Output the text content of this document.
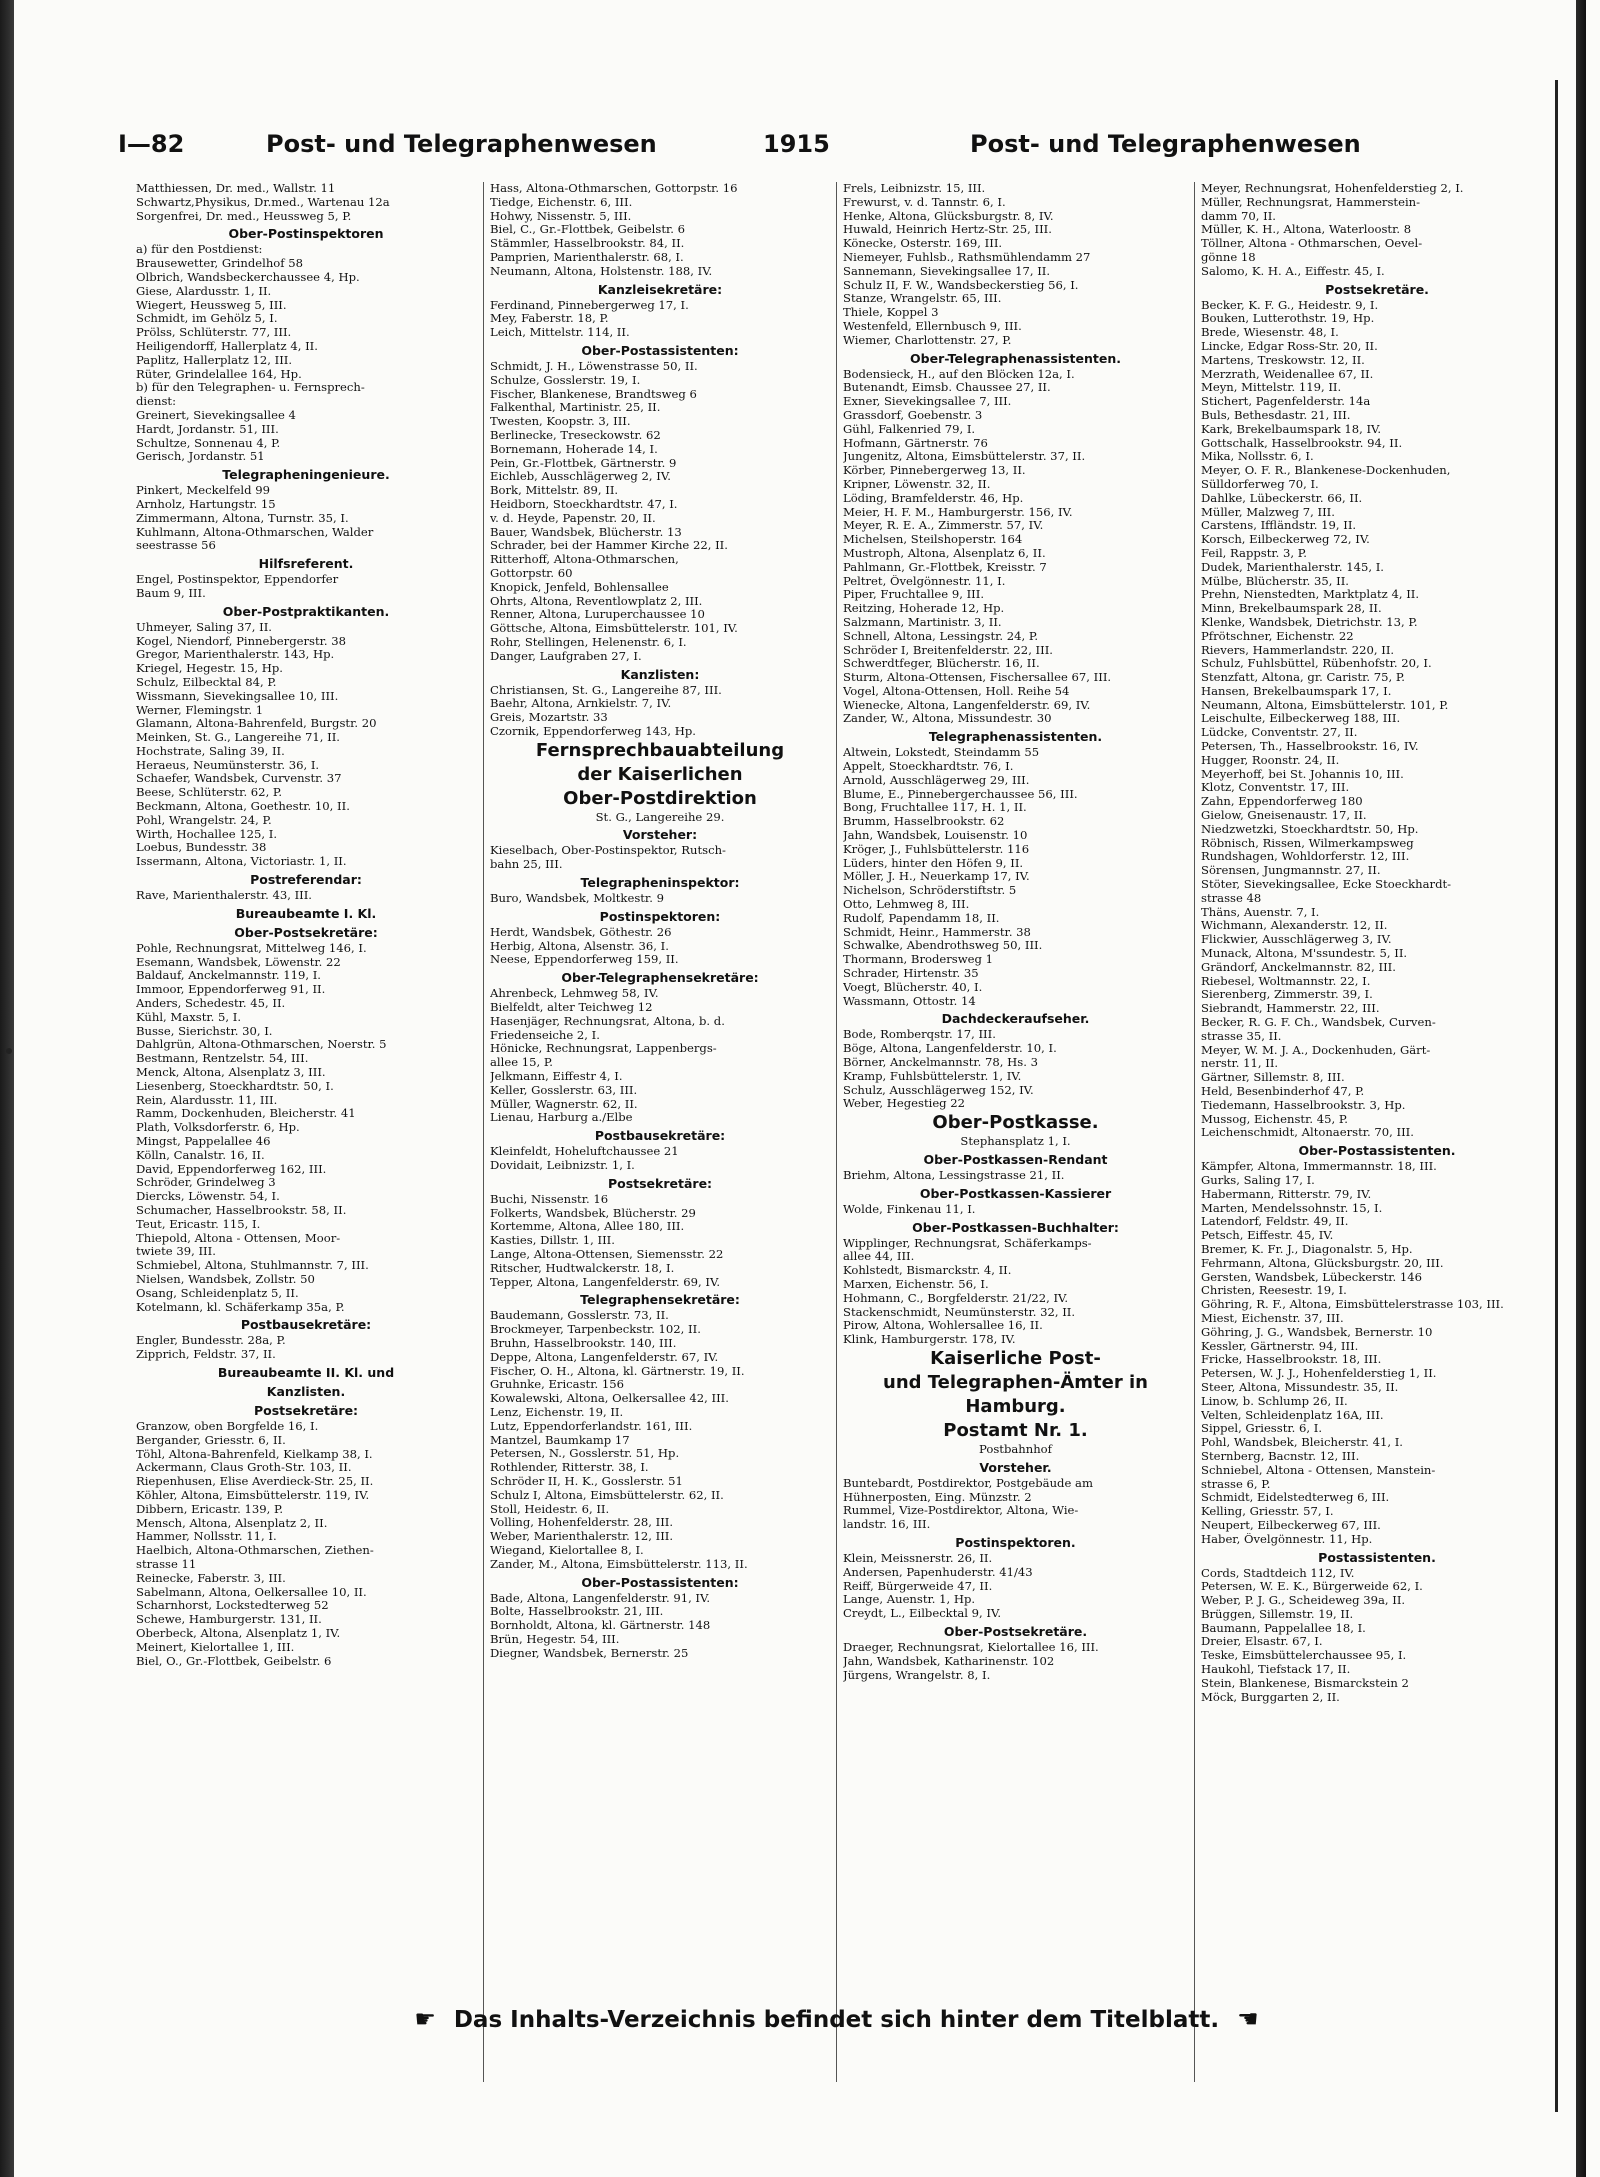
I—82	Post- und Telegraphenwesen	1915	Post- und Telegraphenwesen
Matthiessen, Dr. med., Wallstr. 11
Schwartz,Physikus, Dr.med., Wartenau 12a
Sorgenfrei, Dr. med., Heussweg 5, P.
Ober-Postinspektoren
a) für den Postdienst:
Brausewetter, Grindelhof 58
Olbrich, Wandsbeckerchaussee 4, Hp.
Giese, Alardusstr. 1, II.
Wiegert, Heussweg 5, III.
Schmidt, im Gehölz 5, I.
Prölss, Schlüterstr. 77, III.
Heiligendorff, Hallerplatz 4, II.
Paplitz, Hallerplatz 12, III.
Rüter, Grindelallee 164, Hp.
b) für den Telegraphen- u. Fernsprech-
dienst:
Greinert, Sievekingsallee 4
Hardt, Jordanstr. 51, III.
Schultze, Sonnenau 4, P.
Gerisch, Jordanstr. 51
Telegrapheningenieure.
Pinkert, Meckelfeld 99
Arnholz, Hartungstr. 15
Zimmermann, Altona, Turnstr. 35, I.
Kuhlmann, Altona-Othmarschen, Walder
seestrasse 56
Hilfsreferent.
Engel, Postinspektor, Eppendorfer
Baum 9, III.
Ober-Postpraktikanten.
Uhmeyer, Saling 37, II.
Kogel, Niendorf, Pinnebergerstr. 38
Gregor, Marienthalerstr. 143, Hp.
Kriegel, Hegestr. 15, Hp.
Schulz, Eilbecktal 84, P.
Wissmann, Sievekingsallee 10, III.
Werner, Flemingstr. 1
Glamann, Altona-Bahrenfeld, Burgstr. 20
Meinken, St. G., Langereihe 71, II.
Hochstrate, Saling 39, II.
Heraeus, Neumünsterstr. 36, I.
Schaefer, Wandsbek, Curvenstr. 37
Beese, Schlüterstr. 62, P.
Beckmann, Altona, Goethestr. 10, II.
Pohl, Wrangelstr. 24, P.
Wirth, Hochallee 125, I.
Loebus, Bundesstr. 38
Issermann, Altona, Victoriastr. 1, II.
Postreferendar:
Rave, Marienthalerstr. 43, III.
Bureaubeamte I. Kl.
Ober-Postsekretäre:
Pohle, Rechnungsrat, Mittelweg 146, I.
Esemann, Wandsbek, Löwenstr. 22
Baldauf, Anckelmannstr. 119, I.
Immoor, Eppendorferweg 91, II.
Anders, Schedestr. 45, II.
Kühl, Maxstr. 5, I.
Busse, Sierichstr. 30, I.
Dahlgrün, Altona-Othmarschen, Noerstr. 5
Bestmann, Rentzelstr. 54, III.
Menck, Altona, Alsenplatz 3, III.
Liesenberg, Stoeckhardtstr. 50, I.
Rein, Alardusstr. 11, III.
Ramm, Dockenhuden, Bleicherstr. 41
Plath, Volksdorferstr. 6, Hp.
Mingst, Pappelallee 46
Kölln, Canalstr. 16, II.
David, Eppendorferweg 162, III.
Schröder, Grindelweg 3
Diercks, Löwenstr. 54, I.
Schumacher, Hasselbrookstr. 58, II.
Teut, Ericastr. 115, I.
Thiepold, Altona - Ottensen, Moor-
twiete 39, III.
Schmiebel, Altona, Stuhlmannstr. 7, III.
Nielsen, Wandsbek, Zollstr. 50
Osang, Schleidenplatz 5, II.
Kotelmann, kl. Schäferkamp 35a, P.
Postbausekretäre:
Engler, Bundesstr. 28a, P.
Zipprich, Feldstr. 37, II.
Bureaubeamte II. Kl. und
Kanzlisten.
Postsekretäre:
Granzow, oben Borgfelde 16, I.
Bergander, Griesstr. 6, II.
Töhl, Altona-Bahrenfeld, Kielkamp 38, I.
Ackermann, Claus Groth-Str. 103, II.
Riepenhusen, Elise Averdieck-Str. 25, II.
Köhler, Altona, Eimsbüttelerstr. 119, IV.
Dibbern, Ericastr. 139, P.
Mensch, Altona, Alsenplatz 2, II.
Hammer, Nollsstr. 11, I.
Haelbich, Altona-Othmarschen, Ziethen-
strasse 11
Reinecke, Faberstr. 3, III.
Sabelmann, Altona, Oelkersallee 10, II.
Scharnhorst, Lockstedterweg 52
Schewe, Hamburgerstr. 131, II.
Oberbeck, Altona, Alsenplatz 1, IV.
Meinert, Kielortallee 1, III.
Biel, O., Gr.-Flottbek, Geibelstr. 6
Hass, Altona-Othmarschen, Gottorpstr. 16
Tiedge, Eichenstr. 6, III.
Hohwy, Nissenstr. 5, III.
Biel, C., Gr.-Flottbek, Geibelstr. 6
Stämmler, Hasselbrookstr. 84, II.
Pamprien, Marienthalerstr. 68, I.
Neumann, Altona, Holstenstr. 188, IV.
Kanzleisekretäre:
Ferdinand, Pinnebergerweg 17, I.
Mey, Faberstr. 18, P.
Leich, Mittelstr. 114, II.
Ober-Postassistenten:
Schmidt, J. H., Löwenstrasse 50, II.
Schulze, Gosslerstr. 19, I.
Fischer, Blankenese, Brandtsweg 6
Falkenthal, Martinistr. 25, II.
Twesten, Koopstr. 3, III.
Berlinecke, Treseckowstr. 62
Bornemann, Hoherade 14, I.
Pein, Gr.-Flottbek, Gärtnerstr. 9
Eichleb, Ausschlägerweg 2, IV.
Bork, Mittelstr. 89, II.
Heidborn, Stoeckhardtstr. 47, I.
v. d. Heyde, Papenstr. 20, II.
Bauer, Wandsbek, Blücherstr. 13
Schrader, bei der Hammer Kirche 22, II.
Ritterhoff, Altona-Othmarschen,
Gottorpstr. 60
Knopick, Jenfeld, Bohlensallee
Ohrts, Altona, Reventlowplatz 2, III.
Renner, Altona, Luruperchaussee 10
Göttsche, Altona, Eimsbüttelerstr. 101, IV.
Rohr, Stellingen, Helenenstr. 6, I.
Danger, Laufgraben 27, I.
Kanzlisten:
Christiansen, St. G., Langereihe 87, III.
Baehr, Altona, Arnkielstr. 7, IV.
Greis, Mozartstr. 33
Czornik, Eppendorferweg 143, Hp.
Fernsprechbauabteilung
der Kaiserlichen
Ober-Postdirektion
St. G., Langereihe 29.
Vorsteher:
Kieselbach, Ober-Postinspektor, Rutsch-
bahn 25, III.
Telegrapheninspektor:
Buro, Wandsbek, Moltkestr. 9
Postinspektoren:
Herdt, Wandsbek, Göthestr. 26
Herbig, Altona, Alsenstr. 36, I.
Neese, Eppendorferweg 159, II.
Ober-Telegraphensekretäre:
Ahrenbeck, Lehmweg 58, IV.
Bielfeldt, alter Teichweg 12
Hasenjäger, Rechnungsrat, Altona, b. d.
Friedenseiche 2, I.
Hönicke, Rechnungsrat, Lappenbergs-
allee 15, P.
Jelkmann, Eiffestr 4, I.
Keller, Gosslerstr. 63, III.
Müller, Wagnerstr. 62, II.
Lienau, Harburg a./Elbe
Postbausekretäre:
Kleinfeldt, Hoheluftchaussee 21
Dovidait, Leibnizstr. 1, I.
Postsekretäre:
Buchi, Nissenstr. 16
Folkerts, Wandsbek, Blücherstr. 29
Kortemme, Altona, Allee 180, III.
Kasties, Dillstr. 1, III.
Lange, Altona-Ottensen, Siemensstr. 22
Ritscher, Hudtwalckerstr. 18, I.
Tepper, Altona, Langenfelderstr. 69, IV.
Telegraphensekretäre:
Baudemann, Gosslerstr. 73, II.
Brockmeyer, Tarpenbeckstr. 102, II.
Bruhn, Hasselbrookstr. 140, III.
Deppe, Altona, Langenfelderstr. 67, IV.
Fischer, O. H., Altona, kl. Gärtnerstr. 19, II.
Gruhnke, Ericastr. 156
Kowalewski, Altona, Oelkersallee 42, III.
Lenz, Eichenstr. 19, II.
Lutz, Eppendorferlandstr. 161, III.
Mantzel, Baumkamp 17
Petersen, N., Gosslerstr. 51, Hp.
Rothlender, Ritterstr. 38, I.
Schröder II, H. K., Gosslerstr. 51
Schulz I, Altona, Eimsbüttelerstr. 62, II.
Stoll, Heidestr. 6, II.
Volling, Hohenfelderstr. 28, III.
Weber, Marienthalerstr. 12, III.
Wiegand, Kielortallee 8, I.
Zander, M., Altona, Eimsbüttelerstr. 113, II.
Ober-Postassistenten:
Bade, Altona, Langenfelderstr. 91, IV.
Bolte, Hasselbrookstr. 21, III.
Bornholdt, Altona, kl. Gärtnerstr. 148
Brün, Hegestr. 54, III.
Diegner, Wandsbek, Bernerstr. 25
Frels, Leibnizstr. 15, III.
Frewurst, v. d. Tannstr. 6, I.
Henke, Altona, Glücksburgstr. 8, IV.
Huwald, Heinrich Hertz-Str. 25, III.
Könecke, Osterstr. 169, III.
Niemeyer, Fuhlsb., Rathsmühlendamm 27
Sannemann, Sievekingsallee 17, II.
Schulz II, F. W., Wandsbeckerstieg 56, I.
Stanze, Wrangelstr. 65, III.
Thiele, Koppel 3
Westenfeld, Ellernbusch 9, III.
Wiemer, Charlottenstr. 27, P.
Ober-Telegraphenassistenten.
Bodensieck, H., auf den Blöcken 12a, I.
Butenandt, Eimsb. Chaussee 27, II.
Exner, Sievekingsallee 7, III.
Grassdorf, Goebenstr. 3
Gühl, Falkenried 79, I.
Hofmann, Gärtnerstr. 76
Jungenitz, Altona, Eimsbüttelerstr. 37, II.
Körber, Pinnebergerweg 13, II.
Kripner, Löwenstr. 32, II.
Löding, Bramfelderstr. 46, Hp.
Meier, H. F. M., Hamburgerstr. 156, IV.
Meyer, R. E. A., Zimmerstr. 57, IV.
Michelsen, Steilshoperstr. 164
Mustroph, Altona, Alsenplatz 6, II.
Pahlmann, Gr.-Flottbek, Kreisstr. 7
Peltret, Övelgönnestr. 11, I.
Piper, Fruchtallee 9, III.
Reitzing, Hoherade 12, Hp.
Salzmann, Martinistr. 3, II.
Schnell, Altona, Lessingstr. 24, P.
Schröder I, Breitenfelderstr. 22, III.
Schwerdtfeger, Blücherstr. 16, II.
Sturm, Altona-Ottensen, Fischersallee 67, III.
Vogel, Altona-Ottensen, Holl. Reihe 54
Wienecke, Altona, Langenfelderstr. 69, IV.
Zander, W., Altona, Missundestr. 30
Telegraphenassistenten.
Altwein, Lokstedt, Steindamm 55
Appelt, Stoeckhardtstr. 76, I.
Arnold, Ausschlägerweg 29, III.
Blume, E., Pinnebergerchaussee 56, III.
Bong, Fruchtallee 117, H. 1, II.
Brumm, Hasselbrookstr. 62
Jahn, Wandsbek, Louisenstr. 10
Kröger, J., Fuhlsbüttelerstr. 116
Lüders, hinter den Höfen 9, II.
Möller, J. H., Neuerkamp 17, IV.
Nichelson, Schröderstiftstr. 5
Otto, Lehmweg 8, III.
Rudolf, Papendamm 18, II.
Schmidt, Heinr., Hammerstr. 38
Schwalke, Abendrothsweg 50, III.
Thormann, Brodersweg 1
Schrader, Hirtenstr. 35
Voegt, Blücherstr. 40, I.
Wassmann, Ottostr. 14
Dachdeckeraufseher.
Bode, Romberqstr. 17, III.
Böge, Altona, Langenfelderstr. 10, I.
Börner, Anckelmannstr. 78, Hs. 3
Kramp, Fuhlsbüttelerstr. 1, IV.
Schulz, Ausschlägerweg 152, IV.
Weber, Hegestieg 22
Ober-Postkasse.
Stephansplatz 1, I.
Ober-Postkassen-Rendant
Briehm, Altona, Lessingstrasse 21, II.
Ober-Postkassen-Kassierer
Wolde, Finkenau 11, I.
Ober-Postkassen-Buchhalter:
Wipplinger, Rechnungsrat, Schäferkamps-
allee 44, III.
Kohlstedt, Bismarckstr. 4, II.
Marxen, Eichenstr. 56, I.
Hohmann, C., Borgfelderstr. 21/22, IV.
Stackenschmidt, Neumünsterstr. 32, II.
Pirow, Altona, Wohlersallee 16, II.
Klink, Hamburgerstr. 178, IV.
Kaiserliche Post-
und Telegraphen-Ämter in
Hamburg.
Postamt Nr. 1.
Postbahnhof
Vorsteher.
Buntebardt, Postdirektor, Postgebäude am
Hühnerposten, Eing. Münzstr. 2
Rummel, Vize-Postdirektor, Altona, Wie-
landstr. 16, III.
Postinspektoren.
Klein, Meissnerstr. 26, II.
Andersen, Papenhuderstr. 41/43
Reiff, Bürgerweide 47, II.
Lange, Auenstr. 1, Hp.
Creydt, L., Eilbecktal 9, IV.
Ober-Postsekretäre.
Draeger, Rechnungsrat, Kielortallee 16, III.
Jahn, Wandsbek, Katharinenstr. 102
Jürgens, Wrangelstr. 8, I.
Meyer, Rechnungsrat, Hohenfelderstieg 2, I.
Müller, Rechnungsrat, Hammerstein-
damm 70, II.
Müller, K. H., Altona, Waterloostr. 8
Töllner, Altona - Othmarschen, Oevel-
gönne 18
Salomo, K. H. A., Eiffestr. 45, I.
Postsekretäre.
Becker, K. F. G., Heidestr. 9, I.
Bouken, Lutterothstr. 19, Hp.
Brede, Wiesenstr. 48, I.
Lincke, Edgar Ross-Str. 20, II.
Martens, Treskowstr. 12, II.
Merzrath, Weidenallee 67, II.
Meyn, Mittelstr. 119, II.
Stichert, Pagenfelderstr. 14a
Buls, Bethesdastr. 21, III.
Kark, Brekelbaumspark 18, IV.
Gottschalk, Hasselbrookstr. 94, II.
Mika, Nollsstr. 6, I.
Meyer, O. F. R., Blankenese-Dockenhuden,
Sülldorferweg 70, I.
Dahlke, Lübeckerstr. 66, II.
Müller, Malzweg 7, III.
Carstens, Iffländstr. 19, II.
Korsch, Eilbeckerweg 72, IV.
Feil, Rappstr. 3, P.
Dudek, Marienthalerstr. 145, I.
Mülbe, Blücherstr. 35, II.
Prehn, Nienstedten, Marktplatz 4, II.
Minn, Brekelbaumspark 28, II.
Klenke, Wandsbek, Dietrichstr. 13, P.
Pfrötschner, Eichenstr. 22
Rievers, Hammerlandstr. 220, II.
Schulz, Fuhlsbüttel, Rübenhofstr. 20, I.
Stenzfatt, Altona, gr. Caristr. 75, P.
Hansen, Brekelbaumspark 17, I.
Neumann, Altona, Eimsbüttelerstr. 101, P.
Leischulte, Eilbeckerweg 188, III.
Lüdcke, Conventstr. 27, II.
Petersen, Th., Hasselbrookstr. 16, IV.
Hugger, Roonstr. 24, II.
Meyerhoff, bei St. Johannis 10, III.
Klotz, Conventstr. 17, III.
Zahn, Eppendorferweg 180
Gielow, Gneisenaustr. 17, II.
Niedzwetzki, Stoeckhardtstr. 50, Hp.
Röbnisch, Rissen, Wilmerkampsweg
Rundshagen, Wohldorferstr. 12, III.
Sörensen, Jungmannstr. 27, II.
Stöter, Sievekingsallee, Ecke Stoeckhardt-
strasse 48
Thäns, Auenstr. 7, I.
Wichmann, Alexanderstr. 12, II.
Flickwier, Ausschlägerweg 3, IV.
Munack, Altona, M'ssundestr. 5, II.
Grändorf, Anckelmannstr. 82, III.
Riebesel, Woltmannstr. 22, I.
Sierenberg, Zimmerstr. 39, I.
Siebrandt, Hammerstr. 22, III.
Becker, R. G. F. Ch., Wandsbek, Curven-
strasse 35, II.
Meyer, W. M. J. A., Dockenhuden, Gärt-
nerstr. 11, II.
Gärtner, Sillemstr. 8, III.
Held, Besenbinderhof 47, P.
Tiedemann, Hasselbrookstr. 3, Hp.
Mussog, Eichenstr. 45, P.
Leichenschmidt, Altonaerstr. 70, III.
Ober-Postassistenten.
Kämpfer, Altona, Immermannstr. 18, III.
Gurks, Saling 17, I.
Habermann, Ritterstr. 79, IV.
Marten, Mendelssohnstr. 15, I.
Latendorf, Feldstr. 49, II.
Petsch, Eiffestr. 45, IV.
Bremer, K. Fr. J., Diagonalstr. 5, Hp.
Fehrmann, Altona, Glücksburgstr. 20, III.
Gersten, Wandsbek, Lübeckerstr. 146
Christen, Reesestr. 19, I.
Göhring, R. F., Altona, Eimsbüttelerstrasse 103, III.
Miest, Eichenstr. 37, III.
Göhring, J. G., Wandsbek, Bernerstr. 10
Kessler, Gärtnerstr. 94, III.
Fricke, Hasselbrookstr. 18, III.
Petersen, W. J. J., Hohenfelderstieg 1, II.
Steer, Altona, Missundestr. 35, II.
Linow, b. Schlump 26, II.
Velten, Schleidenplatz 16A, III.
Sippel, Griesstr. 6, I.
Pohl, Wandsbek, Bleicherstr. 41, I.
Sternberg, Bacnstr. 12, III.
Schniebel, Altona - Ottensen, Manstein-
strasse 6, P.
Schmidt, Eidelstedterweg 6, III.
Kelling, Griesstr. 57, I.
Neupert, Eilbeckerweg 67, III.
Haber, Övelgönnestr. 11, Hp.
Postassistenten.
Cords, Stadtdeich 112, IV.
Petersen, W. E. K., Bürgerweide 62, I.
Weber, P. J. G., Scheideweg 39a, II.
Brüggen, Sillemstr. 19, II.
Baumann, Pappelallee 18, I.
Dreier, Elsastr. 67, I.
Teske, Eimsbüttelerchaussee 95, I.
Haukohl, Tiefstack 17, II.
Stein, Blankenese, Bismarckstein 2
Möck, Burggarten 2, II.
☛ Das Inhalts-Verzeichnis befindet sich hinter dem Titelblatt. ☚
